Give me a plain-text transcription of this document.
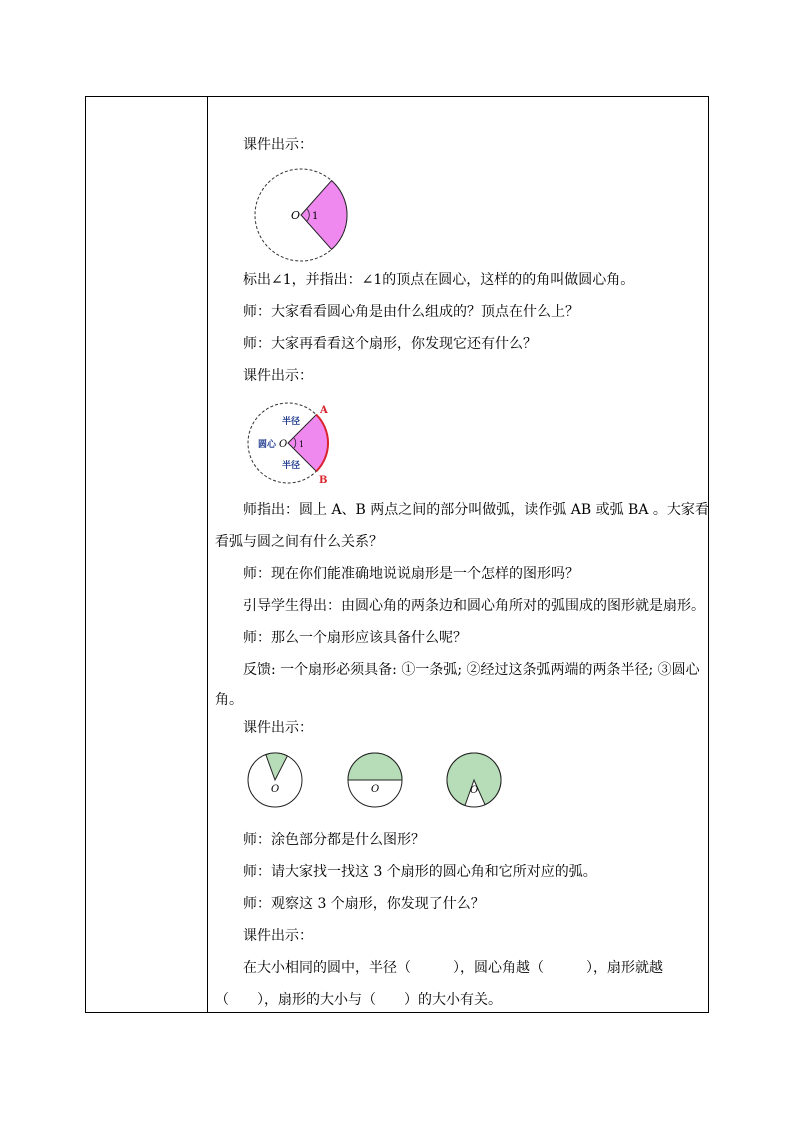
课件出示：
O 1
标出∠1，并指出：∠1的顶点在圆心，这样的的角叫做圆心角。
师：大家看看圆心角是由什么组成的？顶点在什么上？
师：大家再看看这个扇形，你发现它还有什么？
课件出示：
O 1
A
B
半径
半径
圆心
师指出：圆上 A、B 两点之间的部分叫做弧，读作弧 AB 或弧 BA 。大家看
看弧与圆之间有什么关系？
师：现在你们能准确地说说扇形是一个怎样的图形吗？
引导学生得出：由圆心角的两条边和圆心角所对的弧围成的图形就是扇形。
师：那么一个扇形应该具备什么呢？
反馈: 一个扇形必须具备: ①一条弧; ②经过这条弧两端的两条半径; ③圆心
角。
课件出示：
O	O	O
师：涂色部分都是什么图形？
师：请大家找一找这 3 个扇形的圆心角和它所对应的弧。
师：观察这 3 个扇形，你发现了什么？
课件出示：
在大小相同的圆中，半径（　　　），圆心角越（　　　），扇形就越
（　　），扇形的大小与（　　）的大小有关。
